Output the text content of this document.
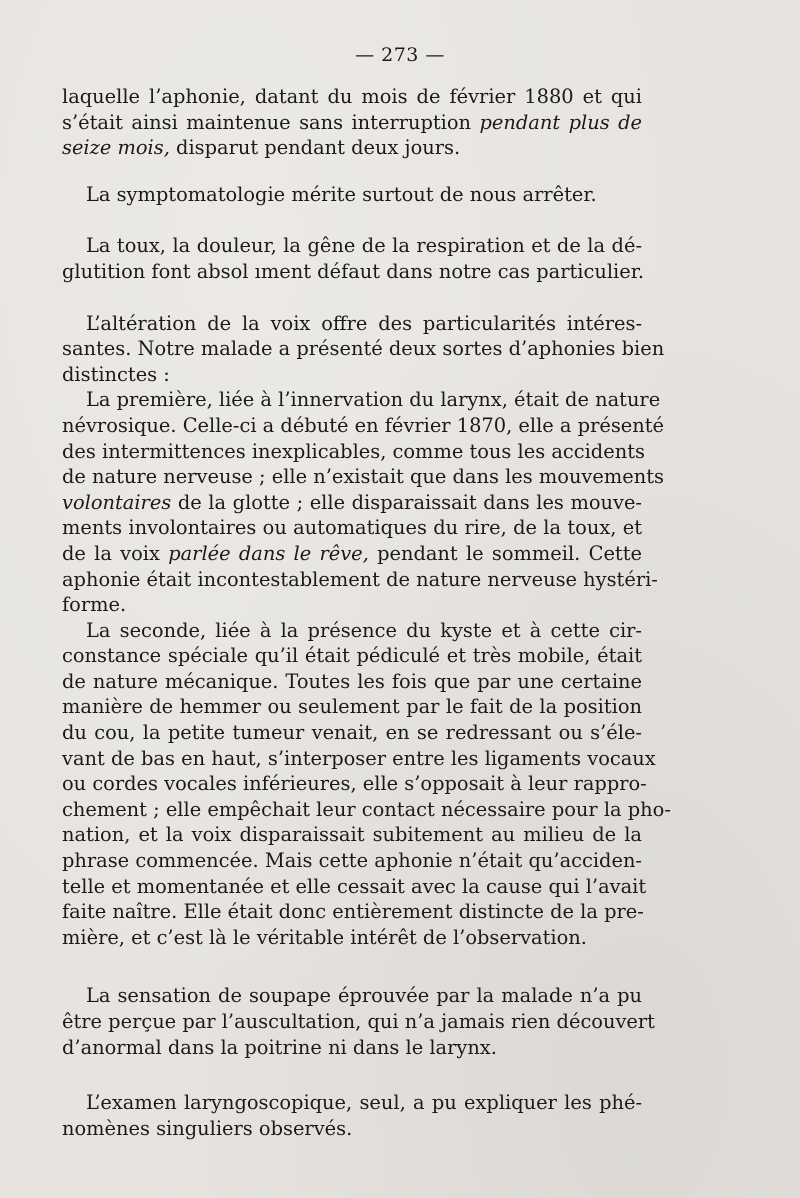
— 273 —
laquelle l’aphonie, datant du mois de février 1880 et qui
s’était ainsi maintenue sans interruption pendant plus de
seize mois, disparut pendant deux jours.
La symptomatologie mérite surtout de nous arrêter.
La toux, la douleur, la gêne de la respiration et de la dé-
glutition font absol ıment défaut dans notre cas particulier.
L’altération de la voix offre des particularités intéres-
santes. Notre malade a présenté deux sortes d’aphonies bien
distinctes :
La première, liée à l’innervation du larynx, était de nature
névrosique. Celle-ci a débuté en février 1870, elle a présenté
des intermittences inexplicables, comme tous les accidents
de nature nerveuse ; elle n’existait que dans les mouvements
volontaires de la glotte ; elle disparaissait dans les mouve-
ments involontaires ou automatiques du rire, de la toux, et
de la voix parlée dans le rêve, pendant le sommeil. Cette
aphonie était incontestablement de nature nerveuse hystéri-
forme.
La seconde, liée à la présence du kyste et à cette cir-
constance spéciale qu’il était pédiculé et très mobile, était
de nature mécanique. Toutes les fois que par une certaine
manière de hemmer ou seulement par le fait de la position
du cou, la petite tumeur venait, en se redressant ou s’éle-
vant de bas en haut, s’interposer entre les ligaments vocaux
ou cordes vocales inférieures, elle s’opposait à leur rappro-
chement ; elle empêchait leur contact nécessaire pour la pho-
nation, et la voix disparaissait subitement au milieu de la
phrase commencée. Mais cette aphonie n’était qu’acciden-
telle et momentanée et elle cessait avec la cause qui l’avait
faite naître. Elle était donc entièrement distincte de la pre-
mière, et c’est là le véritable intérêt de l’observation.
La sensation de soupape éprouvée par la malade n’a pu
être perçue par l’auscultation, qui n’a jamais rien découvert
d’anormal dans la poitrine ni dans le larynx.
L’examen laryngoscopique, seul, a pu expliquer les phé-
nomènes singuliers observés.
